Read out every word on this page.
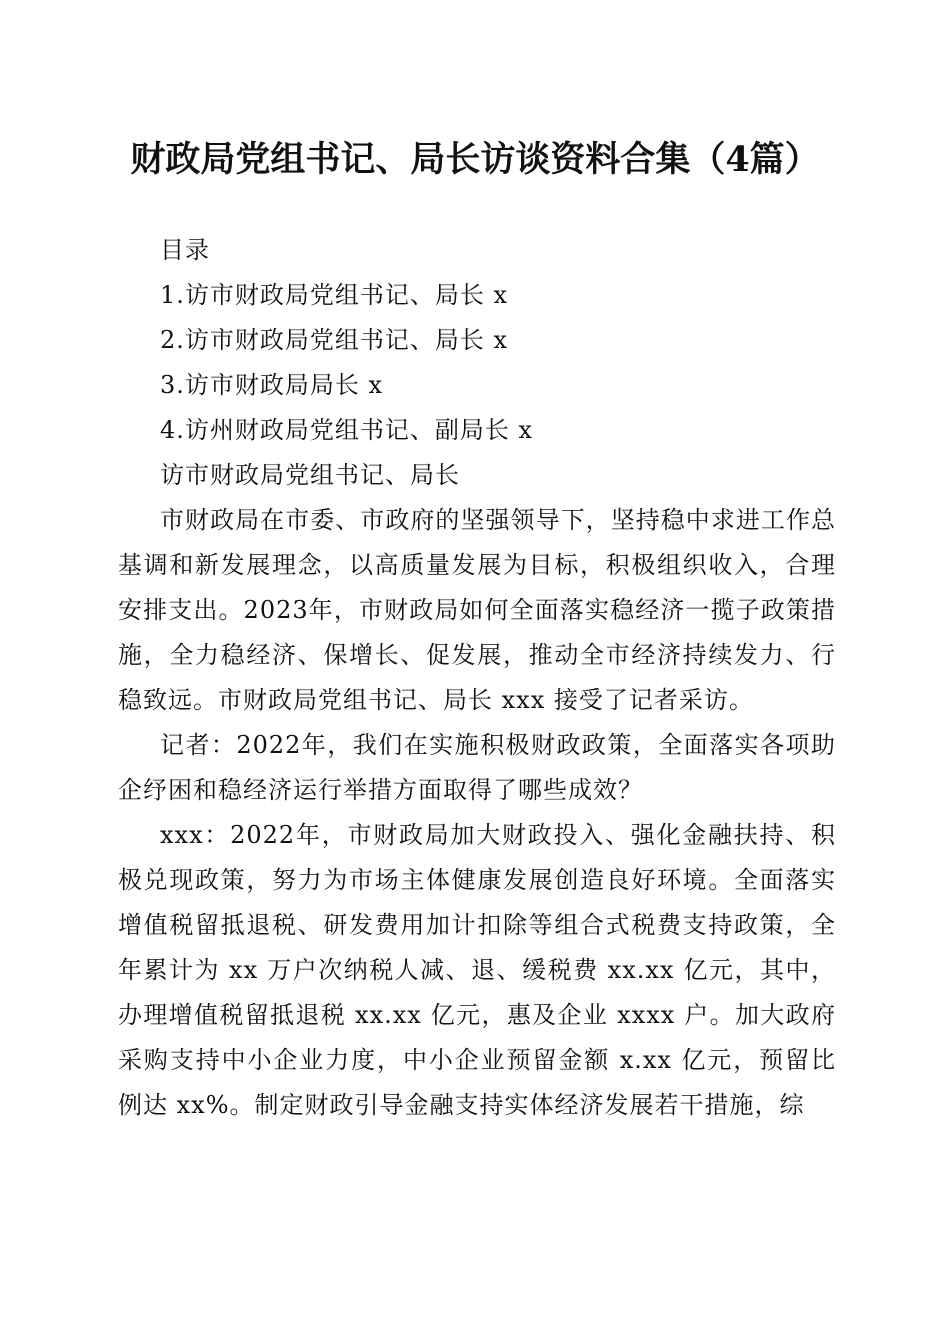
财政局党组书记、局长访谈资料合集（4篇）

目录

1.访市财政局党组书记、局长 x

2.访市财政局党组书记、局长 x

3.访市财政局局长 x

4.访州财政局党组书记、副局长 x

访市财政局党组书记、局长

市财政局在市委、市政府的坚强领导下，坚持稳中求进工作总基调和新发展理念，以高质量发展为目标，积极组织收入，合理安排支出。2023年，市财政局如何全面落实稳经济一揽子政策措施，全力稳经济、保增长、促发展，推动全市经济持续发力、行稳致远。市财政局党组书记、局长 xxx 接受了记者采访。

记者：2022年，我们在实施积极财政政策，全面落实各项助企纾困和稳经济运行举措方面取得了哪些成效？

xxx：2022年，市财政局加大财政投入、强化金融扶持、积极兑现政策，努力为市场主体健康发展创造良好环境。全面落实增值税留抵退税、研发费用加计扣除等组合式税费支持政策，全年累计为 xx 万户次纳税人减、退、缓税费 xx.xx 亿元，其中，办理增值税留抵退税 xx.xx 亿元，惠及企业 xxxx 户。加大政府采购支持中小企业力度，中小企业预留金额 x.xx 亿元，预留比例达 xx%。制定财政引导金融支持实体经济发展若干措施，综
